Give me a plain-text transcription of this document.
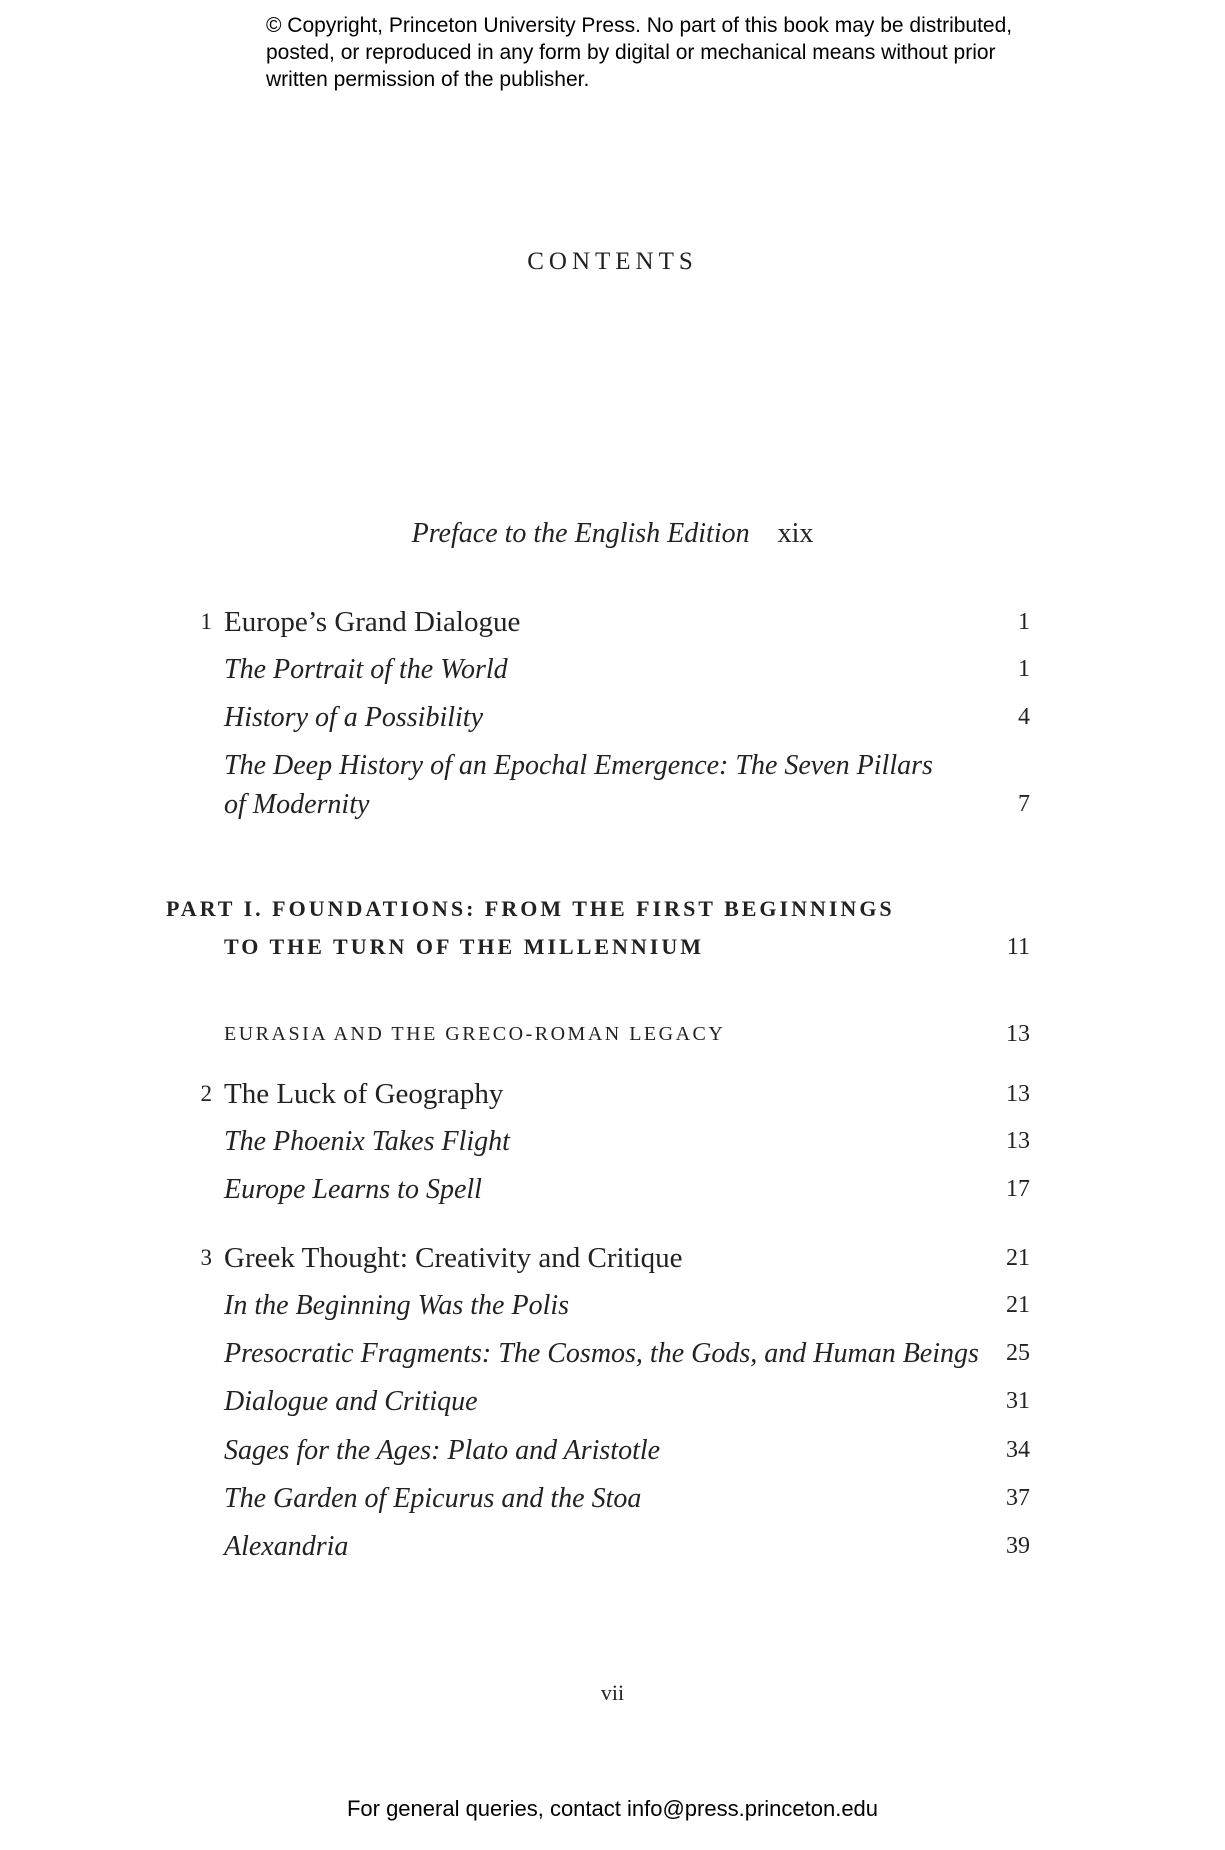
© Copyright, Princeton University Press. No part of this book may be distributed, posted, or reproduced in any form by digital or mechanical means without prior written permission of the publisher.
CONTENTS
Preface to the English Edition xix
1 Europe’s Grand Dialogue	1
The Portrait of the World	1
History of a Possibility	4
The Deep History of an Epochal Emergence: The Seven Pillars
of Modernity	7
PART I. FOUNDATIONS: FROM THE FIRST BEGINNINGS
TO THE TURN OF THE MILLENNIUM	11
EURASIA AND THE GRECO-ROMAN LEGACY	13
2 The Luck of Geography	13
The Phoenix Takes Flight	13
Europe Learns to Spell	17
3 Greek Thought: Creativity and Critique	21
In the Beginning Was the Polis	21
Presocratic Fragments: The Cosmos, the Gods, and Human Beings	25
Dialogue and Critique	31
Sages for the Ages: Plato and Aristotle	34
The Garden of Epicurus and the Stoa	37
Alexandria	39
vii
For general queries, contact info@press.princeton.edu
